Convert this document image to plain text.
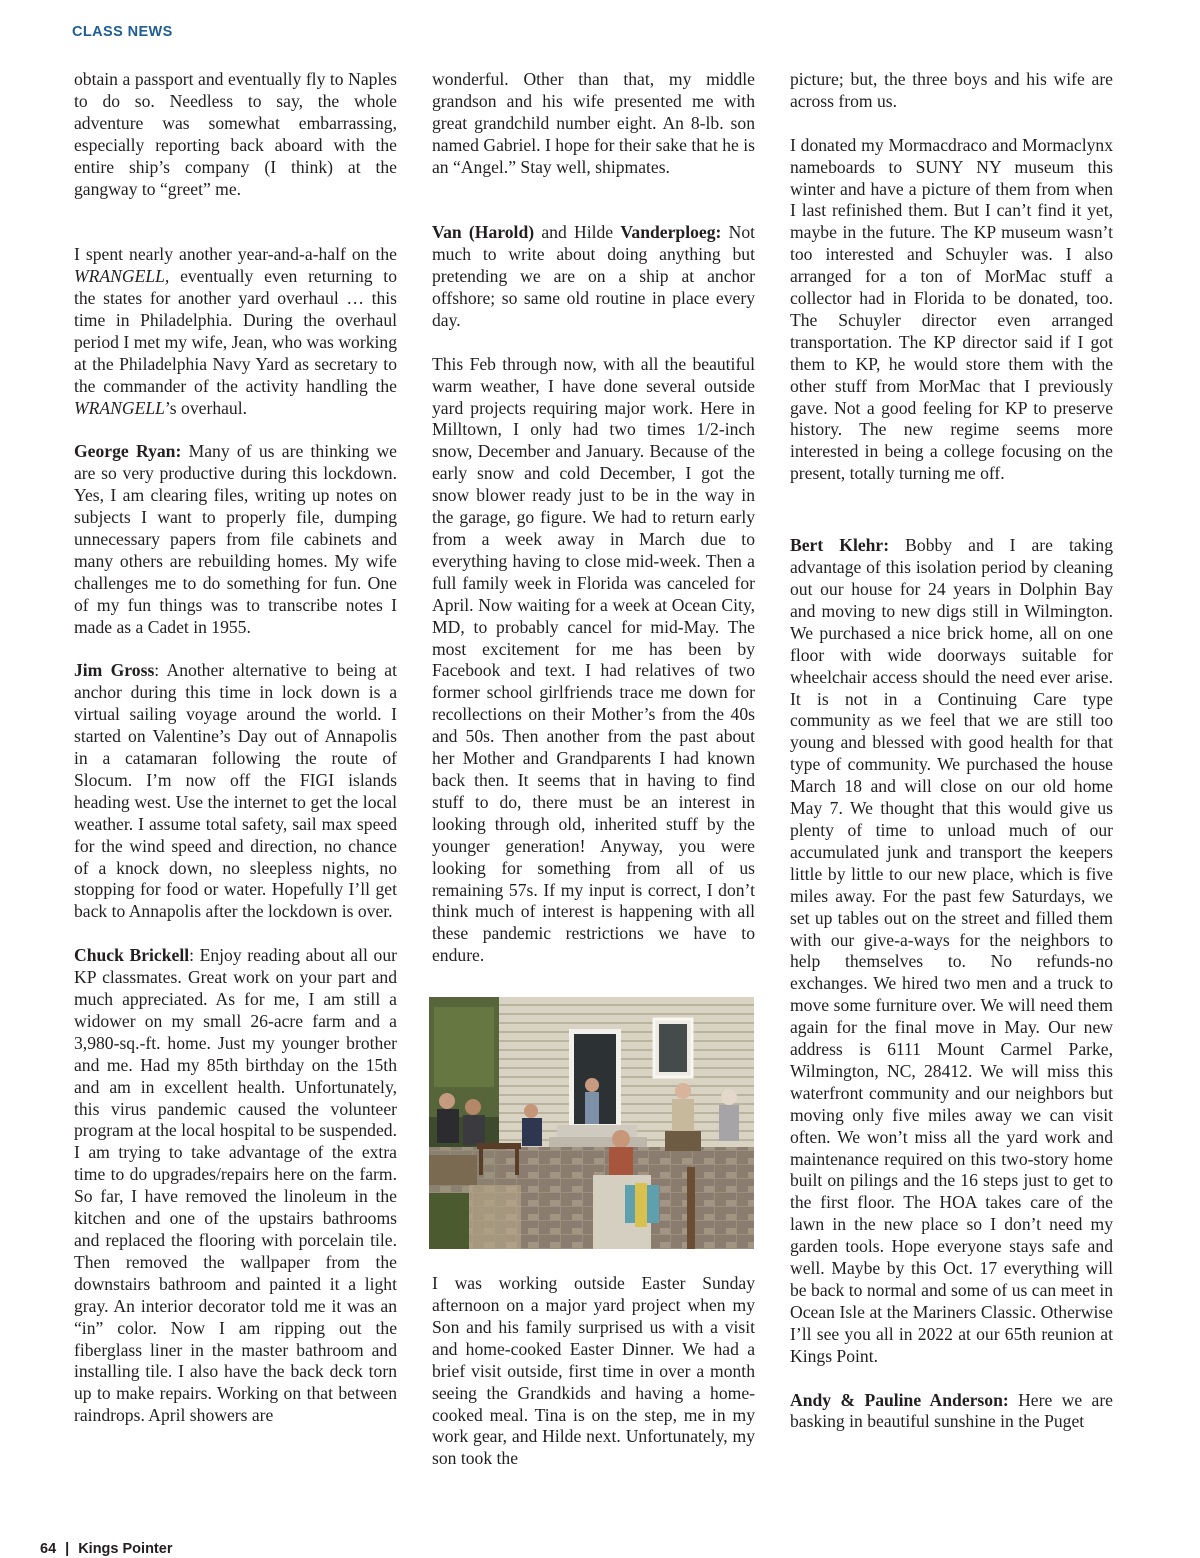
CLASS NEWS

obtain a passport and eventually fly to Naples to do so. Needless to say, the whole adventure was somewhat embarrassing, especially reporting back aboard with the entire ship’s company (I think) at the gangway to “greet” me.

I spent nearly another year-and-a-half on the WRANGELL, eventually even returning to the states for another yard overhaul … this time in Philadelphia. During the overhaul period I met my wife, Jean, who was working at the Philadelphia Navy Yard as secretary to the commander of the activity handling the WRANGELL’s overhaul.

George Ryan: Many of us are thinking we are so very productive during this lockdown. Yes, I am clearing files, writing up notes on subjects I want to properly file, dumping unnecessary papers from file cabinets and many others are rebuilding homes. My wife challenges me to do something for fun. One of my fun things was to transcribe notes I made as a Cadet in 1955.

Jim Gross: Another alternative to being at anchor during this time in lock down is a virtual sailing voyage around the world. I started on Valentine’s Day out of Annapolis in a catamaran following the route of Slocum. I’m now off the FIGI islands heading west. Use the internet to get the local weather. I assume total safety, sail max speed for the wind speed and direction, no chance of a knock down, no sleepless nights, no stopping for food or water. Hopefully I’ll get back to Annapolis after the lockdown is over.

Chuck Brickell: Enjoy reading about all our KP classmates. Great work on your part and much appreciated. As for me, I am still a widower on my small 26-acre farm and a 3,980-sq.-ft. home. Just my younger brother and me. Had my 85th birthday on the 15th and am in excellent health. Unfortunately, this virus pandemic caused the volunteer program at the local hospital to be suspended. I am trying to take advantage of the extra time to do upgrades/repairs here on the farm. So far, I have removed the linoleum in the kitchen and one of the upstairs bathrooms and replaced the flooring with porcelain tile. Then removed the wallpaper from the downstairs bathroom and painted it a light gray. An interior decorator told me it was an “in” color. Now I am ripping out the fiberglass liner in the master bathroom and installing tile. I also have the back deck torn up to make repairs. Working on that between raindrops. April showers are

wonderful. Other than that, my middle grandson and his wife presented me with great grandchild number eight. An 8-lb. son named Gabriel. I hope for their sake that he is an “Angel.” Stay well, shipmates.

Van (Harold) and Hilde Vanderploeg: Not much to write about doing anything but pretending we are on a ship at anchor offshore; so same old routine in place every day.

This Feb through now, with all the beautiful warm weather, I have done several outside yard projects requiring major work. Here in Milltown, I only had two times 1/2-inch snow, December and January. Because of the early snow and cold December, I got the snow blower ready just to be in the way in the garage, go figure. We had to return early from a week away in March due to everything having to close mid-week. Then a full family week in Florida was canceled for April. Now waiting for a week at Ocean City, MD, to probably cancel for mid-May. The most excitement for me has been by Facebook and text. I had relatives of two former school girlfriends trace me down for recollections on their Mother’s from the 40s and 50s. Then another from the past about her Mother and Grandparents I had known back then. It seems that in having to find stuff to do, there must be an interest in looking through old, inherited stuff by the younger generation! Anyway, you were looking for something from all of us remaining 57s. If my input is correct, I don’t think much of interest is happening with all these pandemic restrictions we have to endure.

I was working outside Easter Sunday afternoon on a major yard project when my Son and his family surprised us with a visit and home-cooked Easter Dinner. We had a brief visit outside, first time in over a month seeing the Grandkids and having a home-cooked meal. Tina is on the step, me in my work gear, and Hilde next. Unfortunately, my son took the

picture; but, the three boys and his wife are across from us.

I donated my Mormacdraco and Mormaclynx nameboards to SUNY NY museum this winter and have a picture of them from when I last refinished them. But I can’t find it yet, maybe in the future. The KP museum wasn’t too interested and Schuyler was. I also arranged for a ton of MorMac stuff a collector had in Florida to be donated, too. The Schuyler director even arranged transportation. The KP director said if I got them to KP, he would store them with the other stuff from MorMac that I previously gave. Not a good feeling for KP to preserve history. The new regime seems more interested in being a college focusing on the present, totally turning me off.

Bert Klehr: Bobby and I are taking advantage of this isolation period by cleaning out our house for 24 years in Dolphin Bay and moving to new digs still in Wilmington. We purchased a nice brick home, all on one floor with wide doorways suitable for wheelchair access should the need ever arise. It is not in a Continuing Care type community as we feel that we are still too young and blessed with good health for that type of community. We purchased the house March 18 and will close on our old home May 7. We thought that this would give us plenty of time to unload much of our accumulated junk and transport the keepers little by little to our new place, which is five miles away. For the past few Saturdays, we set up tables out on the street and filled them with our give-a-ways for the neighbors to help themselves to. No refunds-no exchanges. We hired two men and a truck to move some furniture over. We will need them again for the final move in May. Our new address is 6111 Mount Carmel Parke, Wilmington, NC, 28412. We will miss this waterfront community and our neighbors but moving only five miles away we can visit often. We won’t miss all the yard work and maintenance required on this two-story home built on pilings and the 16 steps just to get to the first floor. The HOA takes care of the lawn in the new place so I don’t need my garden tools. Hope everyone stays safe and well. Maybe by this Oct. 17 everything will be back to normal and some of us can meet in Ocean Isle at the Mariners Classic. Otherwise I’ll see you all in 2022 at our 65th reunion at Kings Point.

Andy & Pauline Anderson: Here we are basking in beautiful sunshine in the Puget

64 | Kings Pointer
